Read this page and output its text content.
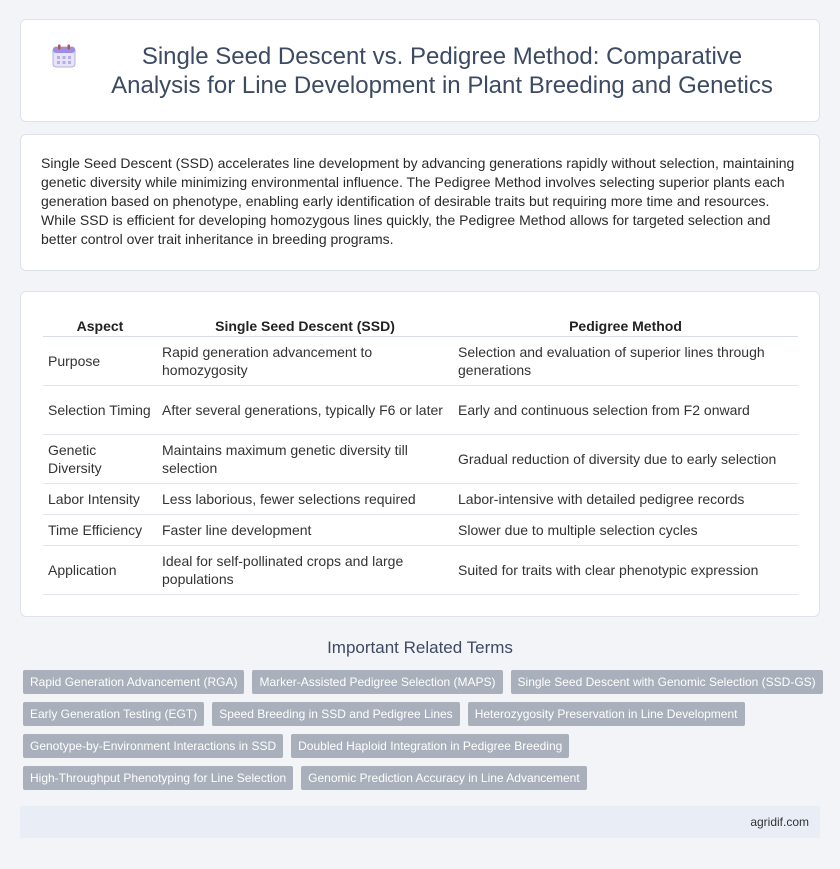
Single Seed Descent vs. Pedigree Method: Comparative Analysis for Line Development in Plant Breeding and Genetics

Single Seed Descent (SSD) accelerates line development by advancing generations rapidly without selection, maintaining genetic diversity while minimizing environmental influence. The Pedigree Method involves selecting superior plants each generation based on phenotype, enabling early identification of desirable traits but requiring more time and resources. While SSD is efficient for developing homozygous lines quickly, the Pedigree Method allows for targeted selection and better control over trait inheritance in breeding programs.

Aspect	Single Seed Descent (SSD)	Pedigree Method
Purpose	Rapid generation advancement to homozygosity	Selection and evaluation of superior lines through generations
Selection Timing	After several generations, typically F6 or later	Early and continuous selection from F2 onward
Genetic Diversity	Maintains maximum genetic diversity till selection	Gradual reduction of diversity due to early selection
Labor Intensity	Less laborious, fewer selections required	Labor-intensive with detailed pedigree records
Time Efficiency	Faster line development	Slower due to multiple selection cycles
Application	Ideal for self-pollinated crops and large populations	Suited for traits with clear phenotypic expression
Important Related Terms
Rapid Generation Advancement (RGA)	Marker-Assisted Pedigree Selection (MAPS)	Single Seed Descent with Genomic Selection (SSD-GS)
Early Generation Testing (EGT)	Speed Breeding in SSD and Pedigree Lines	Heterozygosity Preservation in Line Development
Genotype-by-Environment Interactions in SSD	Doubled Haploid Integration in Pedigree Breeding
High-Throughput Phenotyping for Line Selection	Genomic Prediction Accuracy in Line Advancement
agridif.com
